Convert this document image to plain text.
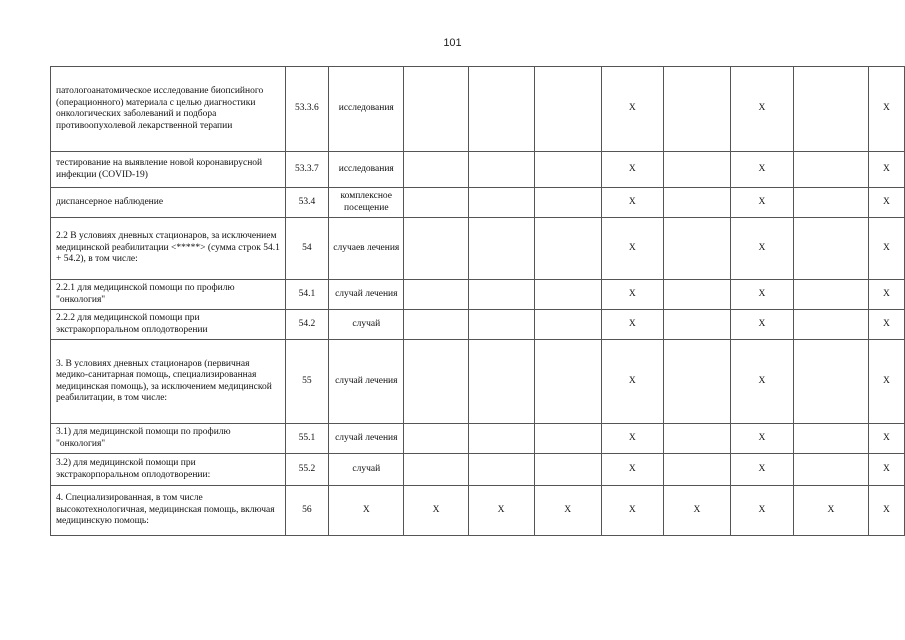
101
патологоанатомическое исследование биопсийного (операционного) материала с целью диагностики онкологических заболеваний и подбора противоопухолевой лекарственной терапии	53.3.6	исследования				X		X		X
тестирование на выявление новой коронавирусной инфекции (COVID-19)	53.3.7	исследования				X		X		X
диспансерное наблюдение	53.4	комплексное посещение				X		X		X
2.2 В условиях дневных стационаров, за исключением медицинской реабилитации <*****> (сумма строк 54.1 + 54.2), в том числе:	54	случаев лечения				X		X		X
2.2.1 для медицинской помощи по профилю "онкология"	54.1	случай лечения				X		X		X
2.2.2 для медицинской помощи при экстракорпоральном оплодотворении	54.2	случай				X		X		X
3. В условиях дневных стационаров (первичная медико-санитарная помощь, специализированная медицинская помощь), за исключением медицинской реабилитации, в том числе:	55	случай лечения				X		X		X
3.1) для медицинской помощи по профилю "онкология"	55.1	случай лечения				X		X		X
3.2) для медицинской помощи при экстракорпоральном оплодотворении:	55.2	случай				X		X		X
4. Специализированная, в том числе высокотехнологичная, медицинская помощь, включая медицинскую помощь:	56	X	X	X	X	X	X	X	X	X
